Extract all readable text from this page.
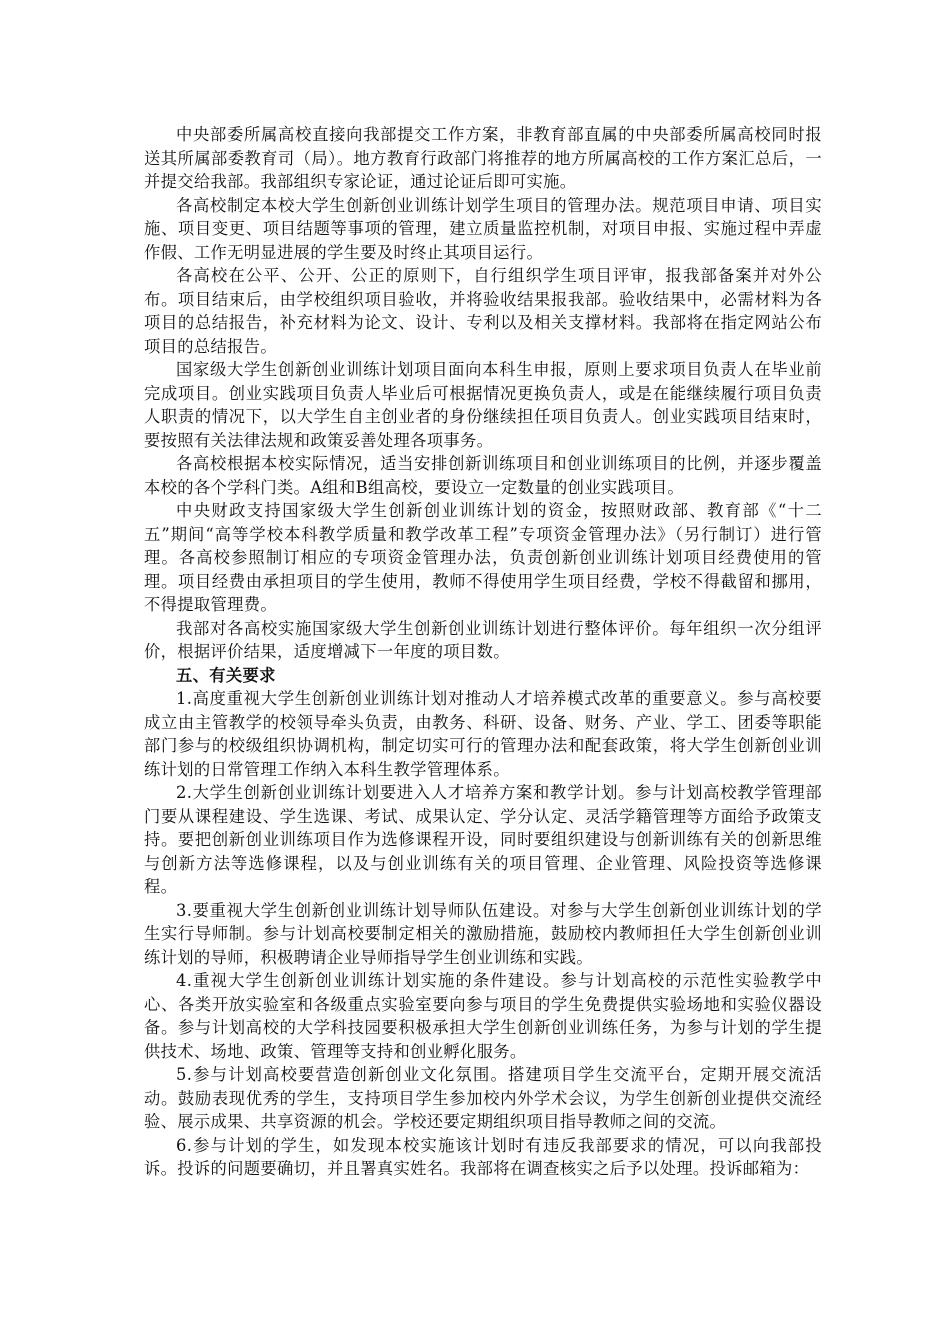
中央部委所属高校直接向我部提交工作方案，非教育部直属的中央部委所属高校同时报送其所属部委教育司（局）。地方教育行政部门将推荐的地方所属高校的工作方案汇总后，一并提交给我部。我部组织专家论证，通过论证后即可实施。

各高校制定本校大学生创新创业训练计划学生项目的管理办法。规范项目申请、项目实施、项目变更、项目结题等事项的管理，建立质量监控机制，对项目申报、实施过程中弄虚作假、工作无明显进展的学生要及时终止其项目运行。

各高校在公平、公开、公正的原则下，自行组织学生项目评审，报我部备案并对外公布。项目结束后，由学校组织项目验收，并将验收结果报我部。验收结果中，必需材料为各项目的总结报告，补充材料为论文、设计、专利以及相关支撑材料。我部将在指定网站公布项目的总结报告。

国家级大学生创新创业训练计划项目面向本科生申报，原则上要求项目负责人在毕业前完成项目。创业实践项目负责人毕业后可根据情况更换负责人，或是在能继续履行项目负责人职责的情况下，以大学生自主创业者的身份继续担任项目负责人。创业实践项目结束时，要按照有关法律法规和政策妥善处理各项事务。

各高校根据本校实际情况，适当安排创新训练项目和创业训练项目的比例，并逐步覆盖本校的各个学科门类。A组和B组高校，要设立一定数量的创业实践项目。

中央财政支持国家级大学生创新创业训练计划的资金，按照财政部、教育部《“十二五”期间“高等学校本科教学质量和教学改革工程”专项资金管理办法》（另行制订）进行管理。各高校参照制订相应的专项资金管理办法，负责创新创业训练计划项目经费使用的管理。项目经费由承担项目的学生使用，教师不得使用学生项目经费，学校不得截留和挪用，不得提取管理费。

我部对各高校实施国家级大学生创新创业训练计划进行整体评价。每年组织一次分组评价，根据评价结果，适度增减下一年度的项目数。

五、有关要求

1.高度重视大学生创新创业训练计划对推动人才培养模式改革的重要意义。参与高校要成立由主管教学的校领导牵头负责，由教务、科研、设备、财务、产业、学工、团委等职能部门参与的校级组织协调机构，制定切实可行的管理办法和配套政策，将大学生创新创业训练计划的日常管理工作纳入本科生教学管理体系。

2.大学生创新创业训练计划要进入人才培养方案和教学计划。参与计划高校教学管理部门要从课程建设、学生选课、考试、成果认定、学分认定、灵活学籍管理等方面给予政策支持。要把创新创业训练项目作为选修课程开设，同时要组织建设与创新训练有关的创新思维与创新方法等选修课程，以及与创业训练有关的项目管理、企业管理、风险投资等选修课程。

3.要重视大学生创新创业训练计划导师队伍建设。对参与大学生创新创业训练计划的学生实行导师制。参与计划高校要制定相关的激励措施，鼓励校内教师担任大学生创新创业训练计划的导师，积极聘请企业导师指导学生创业训练和实践。

4.重视大学生创新创业训练计划实施的条件建设。参与计划高校的示范性实验教学中心、各类开放实验室和各级重点实验室要向参与项目的学生免费提供实验场地和实验仪器设备。参与计划高校的大学科技园要积极承担大学生创新创业训练任务，为参与计划的学生提供技术、场地、政策、管理等支持和创业孵化服务。

5.参与计划高校要营造创新创业文化氛围。搭建项目学生交流平台，定期开展交流活动。鼓励表现优秀的学生，支持项目学生参加校内外学术会议，为学生创新创业提供交流经验、展示成果、共享资源的机会。学校还要定期组织项目指导教师之间的交流。

6.参与计划的学生，如发现本校实施该计划时有违反我部要求的情况，可以向我部投诉。投诉的问题要确切，并且署真实姓名。我部将在调查核实之后予以处理。投诉邮箱为：
